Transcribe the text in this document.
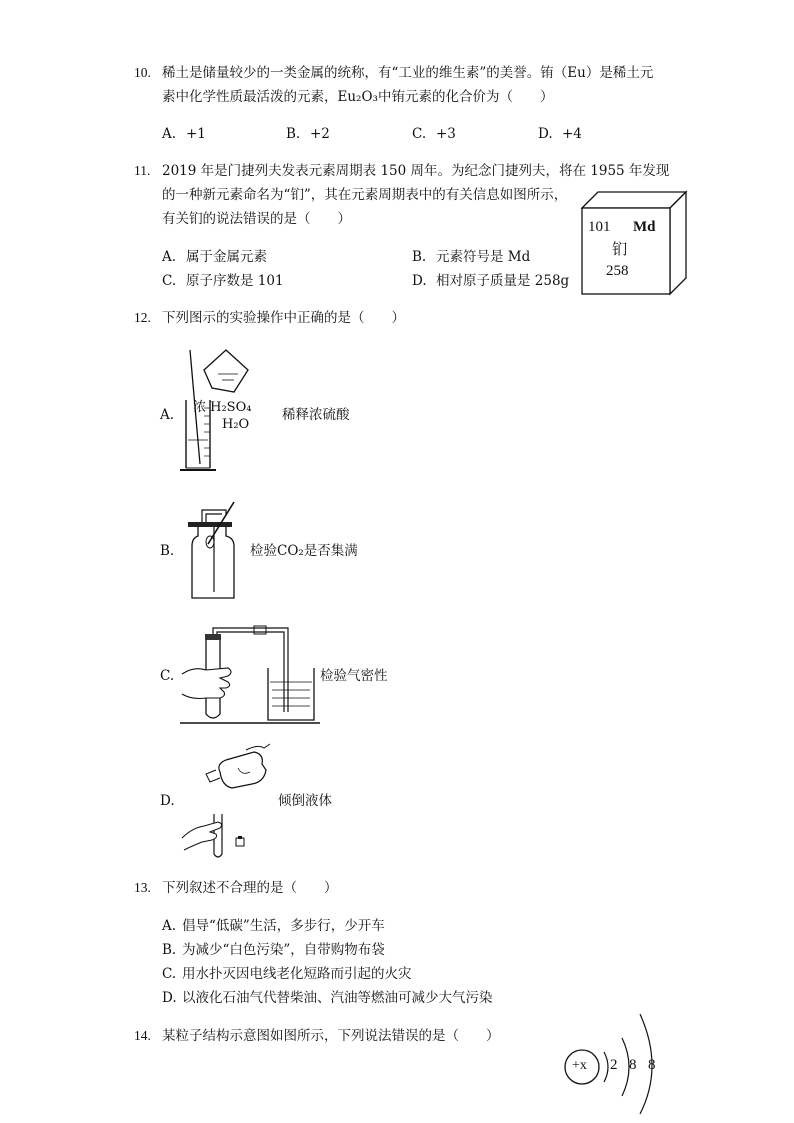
10. 稀土是储量较少的一类金属的统称，有“工业的维生素”的美誉。铕（Eu）是稀土元
素中化学性质最活泼的元素，Eu₂O₃中铕元素的化合价为（　　）
A. +1	B. +2	C. +3	D. +4
11. 2019 年是门捷列夫发表元素周期表 150 周年。为纪念门捷列夫，将在 1955 年发现
的一种新元素命名为“钔”，其在元素周期表中的有关信息如图所示，
有关钔的说法错误的是（　　）
A. 属于金属元素	B. 元素符号是 Md
C. 原子序数是 101	D. 相对原子质量是 258g
101 Md
钔
258
12. 下列图示的实验操作中正确的是（　　）
A. 浓 H₂SO₄
H₂O
稀释浓硫酸
B.	检验CO₂是否集满
C.	检验气密性
D.	倾倒液体
13. 下列叙述不合理的是（　　）
A. 倡导“低碳”生活，多步行，少开车
B. 为减少“白色污染”，自带购物布袋
C. 用水扑灭因电线老化短路而引起的火灾
D. 以液化石油气代替柴油、汽油等燃油可减少大气污染
14. 某粒子结构示意图如图所示，下列说法错误的是（　　）
+x 2 8 8
